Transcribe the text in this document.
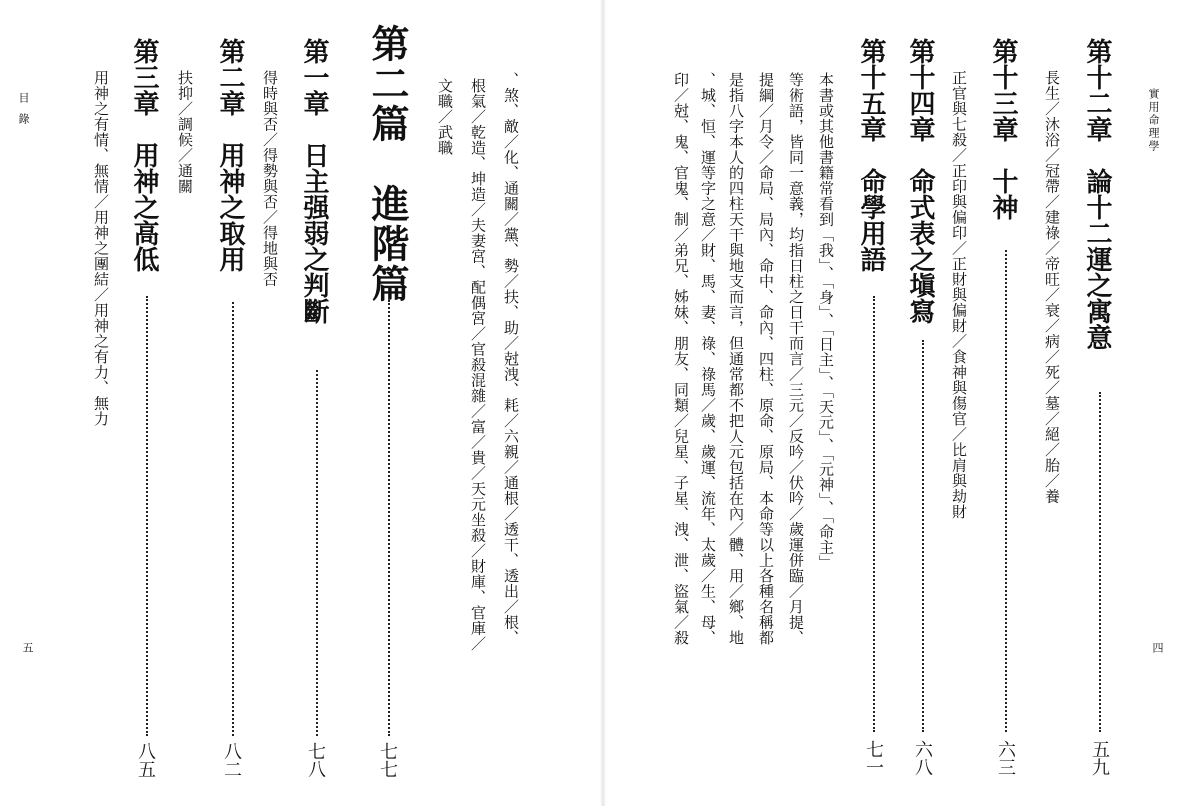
目錄
五
第三章　用神之高低
用神之有情、無情／用神之團結／用神之有力、無力
八五
第二章　用神之取用
扶抑／調候／通關
八二
第一章　日主强弱之判斷
得時與否／得勢與否／得地與否
七八
第二篇　進階篇
七七
文職／武職 根氣／乾造、坤造／夫妻宮、配偶宮／官殺混雜／富／貴／天元坐殺／財庫、官庫／ 、煞、敵／化、通關／黨、勢／扶、助／尅洩、耗／六親／通根／透干、透出／根、	印／尅、鬼、官鬼、制／弟兄、姊妹、朋友、同類／兒星、子星、洩、泄、盜氣／殺 、城、恒、運等字之意／財、馬、妻、祿、祿馬／歲、歲運、流年、太歲／生、母、 是指八字本人的四柱天干與地支而言，但通常都不把人元包括在內／體、用／鄉、地 提綱／月令／命局、局內、命中、命內、四柱、原命、原局、本命等以上各種名稱都 等術語，皆同一意義，均指日柱之日干而言／三元／反吟／伏吟／歲運併臨／月提、 本書或其他書籍常看到「我」、「身」、「日主」、「天元」、「元神」、「命主」 第十五章　命學用語
七一
第十四章　命式表之塡寫
六八
正官與七殺／正印與偏印／正財與偏財／食神與傷官／比肩與劫財 第十三章　十神
六三
長生／沐浴／冠帶／建祿／帝旺／衰／病／死／墓／絕／胎／養 第十二章　論十二運之寓意
五九
實用命理學
四
